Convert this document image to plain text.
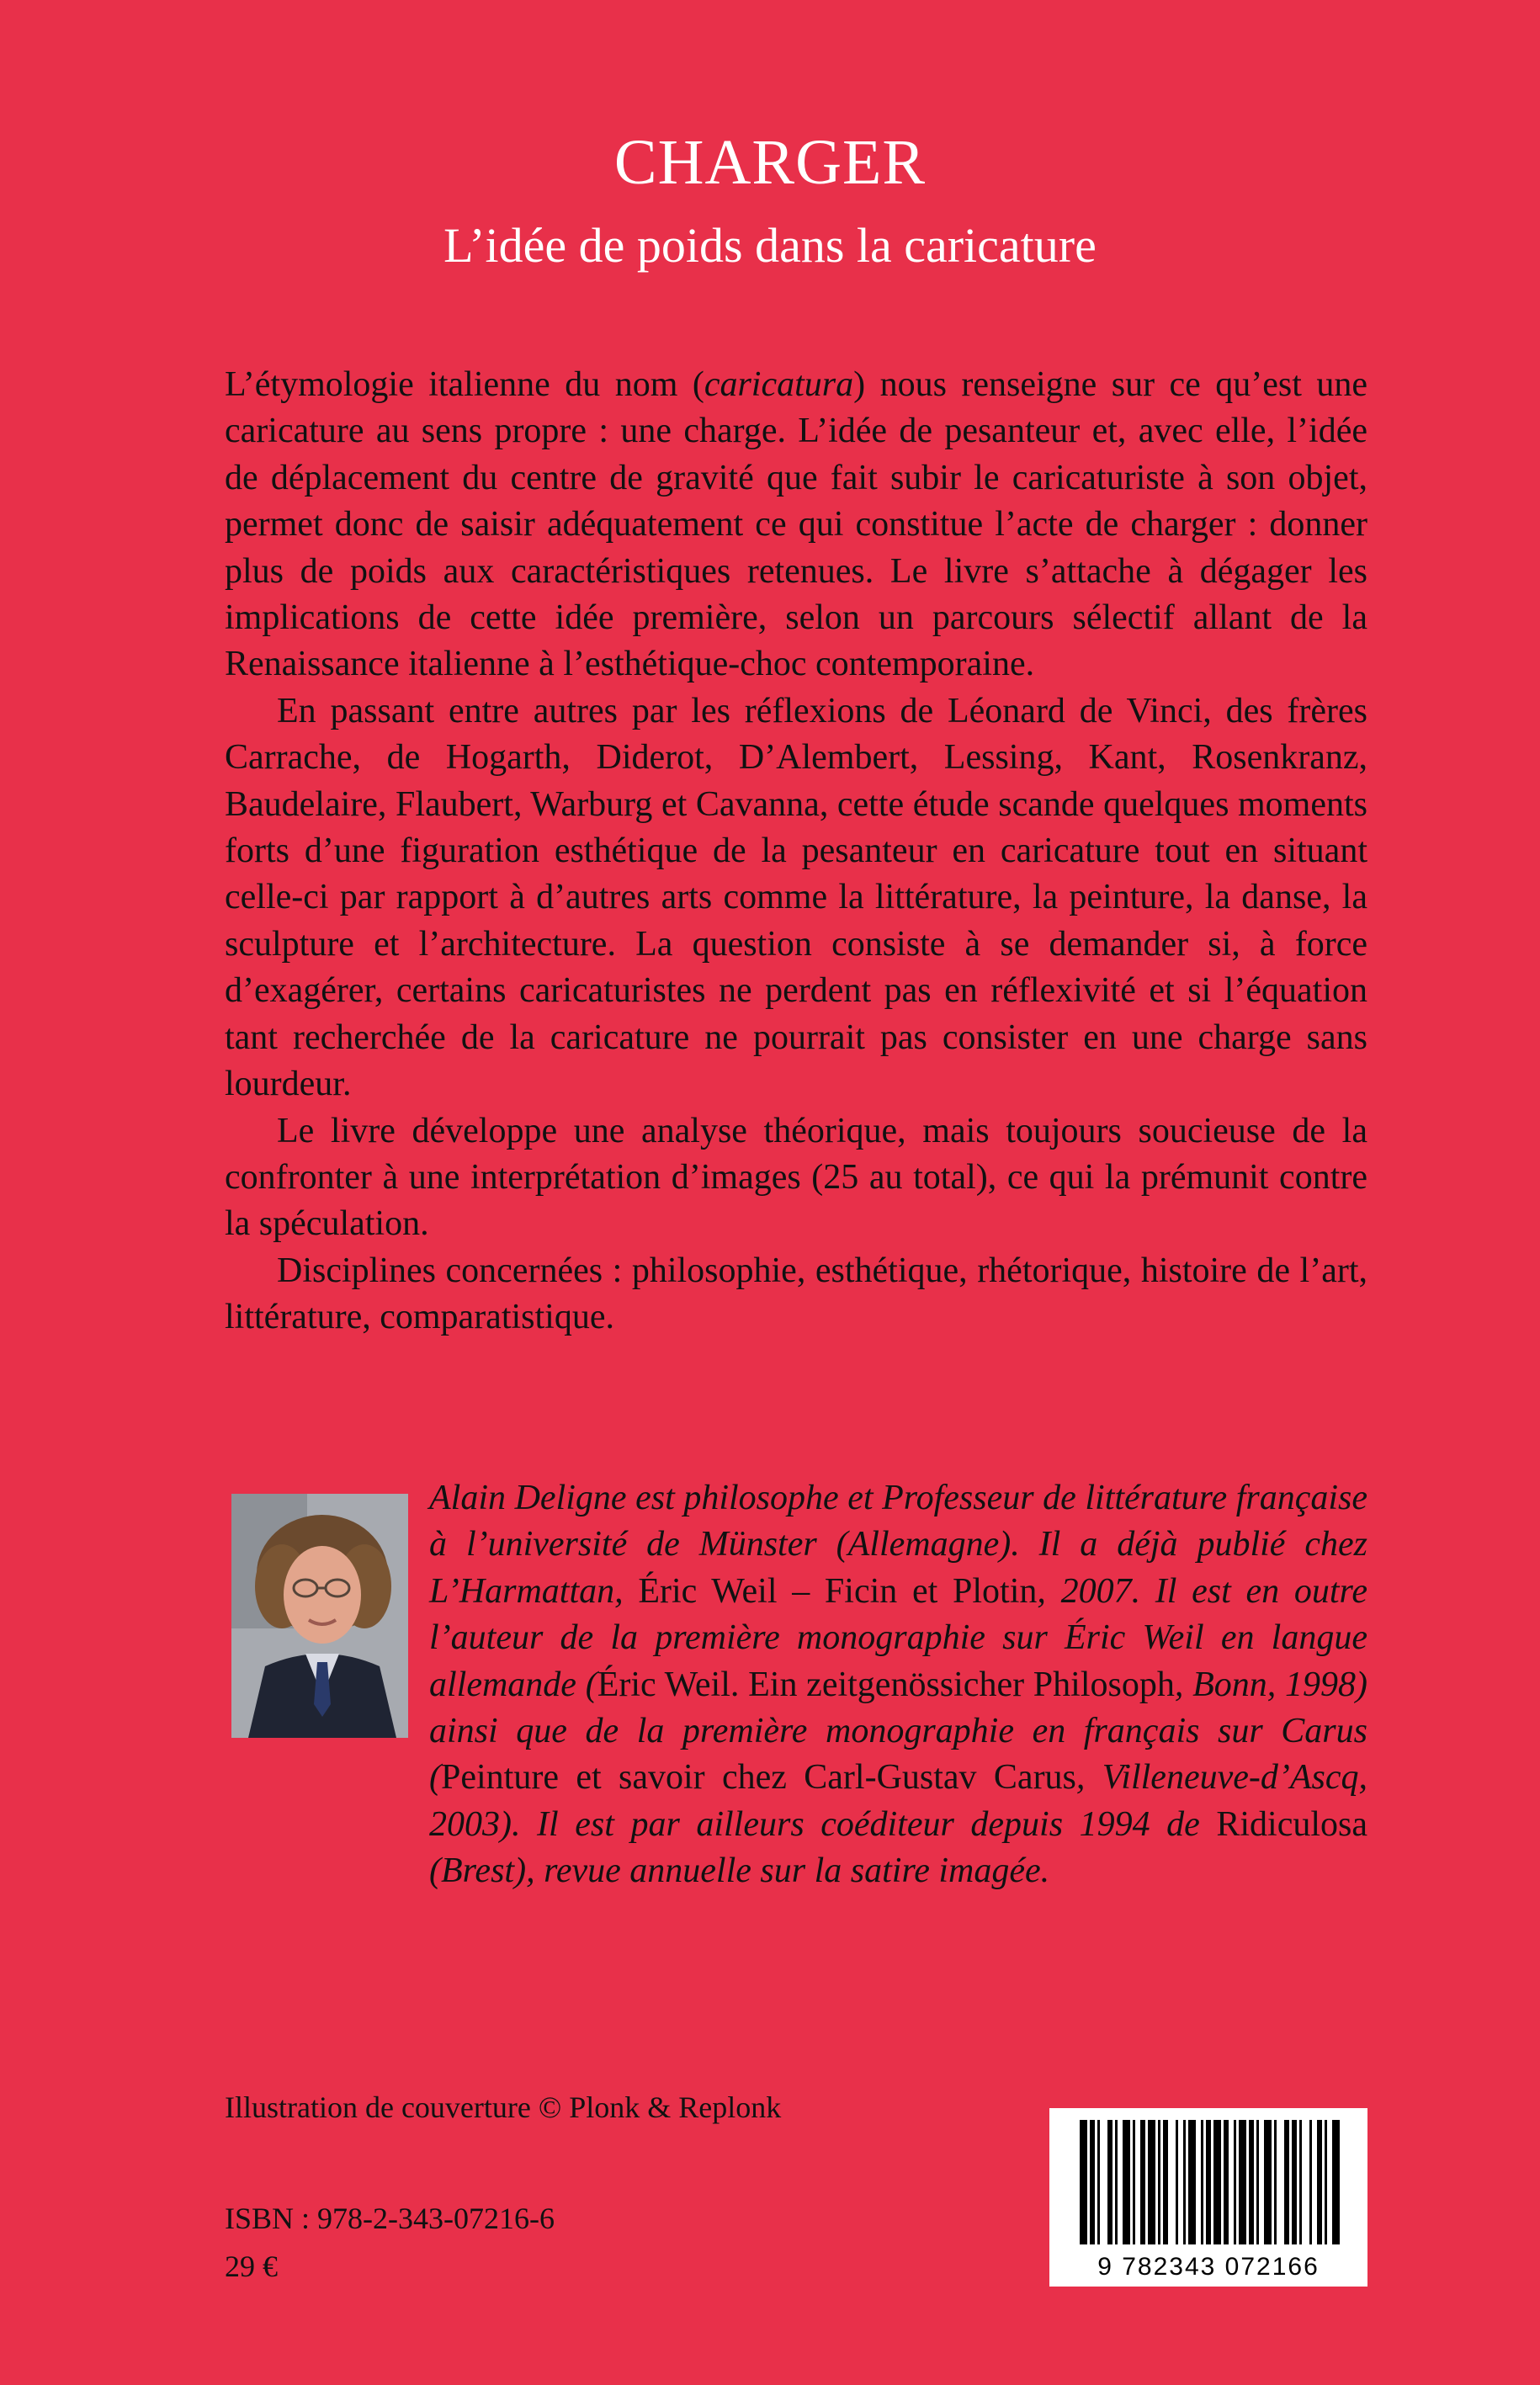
CHARGER
L’idée de poids dans la caricature

L’étymologie italienne du nom (caricatura) nous renseigne sur ce qu’est une caricature au sens propre : une charge. L’idée de pesanteur et, avec elle, l’idée de déplacement du centre de gravité que fait subir le caricaturiste à son objet, permet donc de saisir adéquatement ce qui constitue l’acte de charger : donner plus de poids aux caractéristiques retenues. Le livre s’attache à dégager les implications de cette idée première, selon un parcours sélectif allant de la Renaissance italienne à l’esthétique-choc contemporaine.

En passant entre autres par les réflexions de Léonard de Vinci, des frères Carrache, de Hogarth, Diderot, D’Alembert, Lessing, Kant, Rosenkranz, Baudelaire, Flaubert, Warburg et Cavanna, cette étude scande quelques moments forts d’une figuration esthétique de la pesanteur en caricature tout en situant celle-ci par rapport à d’autres arts comme la littérature, la peinture, la danse, la sculpture et l’architecture. La question consiste à se demander si, à force d’exagérer, certains caricaturistes ne perdent pas en réflexivité et si l’équation tant recherchée de la caricature ne pourrait pas consister en une charge sans lourdeur.

Le livre développe une analyse théorique, mais toujours soucieuse de la confronter à une interprétation d’images (25 au total), ce qui la prémunit contre la spéculation.

Disciplines concernées : philosophie, esthétique, rhétorique, histoire de l’art, littérature, comparatistique.

Alain Deligne est philosophe et Professeur de littérature française à l’université de Münster (Allemagne). Il a déjà publié chez L’Harmattan, Éric Weil – Ficin et Plotin, 2007. Il est en outre l’auteur de la première monographie sur Éric Weil en langue allemande (Éric Weil. Ein zeitgenössicher Philosoph, Bonn, 1998) ainsi que de la première monographie en français sur Carus (Peinture et savoir chez Carl-Gustav Carus, Villeneuve-d’Ascq, 2003). Il est par ailleurs coéditeur depuis 1994 de Ridiculosa (Brest), revue annuelle sur la satire imagée.
Illustration de couverture © Plonk & Replonk
ISBN : 978-2-343-07216-6
29 €	9 782343 072166
